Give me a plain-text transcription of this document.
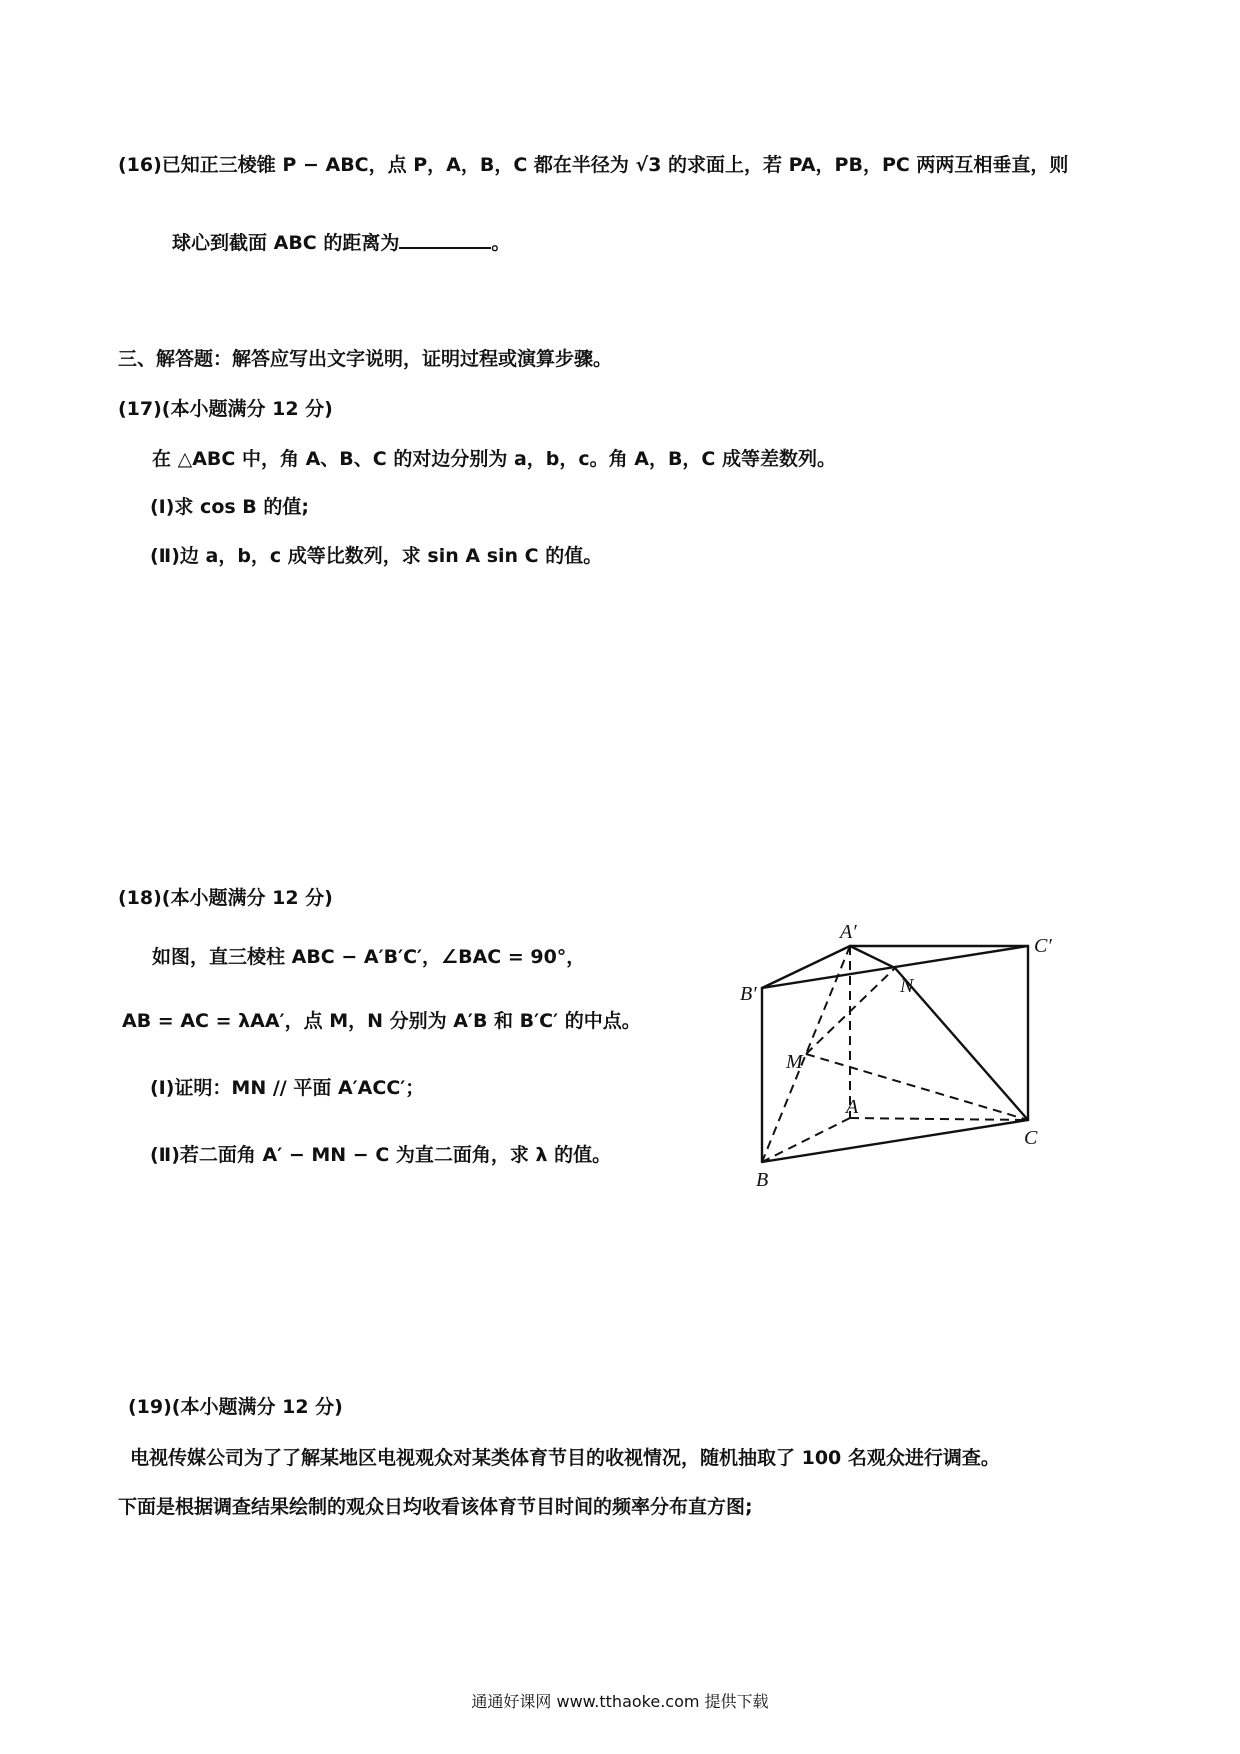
(16)已知正三棱锥 P − ABC，点 P，A，B，C 都在半径为 √3 的求面上，若 PA，PB，PC 两两互相垂直，则
球心到截面 ABC 的距离为	。
三、解答题：解答应写出文字说明，证明过程或演算步骤。
(17)(本小题满分 12 分)
在 △ABC 中，角 A、B、C 的对边分别为 a，b，c。角 A，B，C 成等差数列。
(Ⅰ)求 cos B 的值;
(Ⅱ)边 a，b，c 成等比数列，求 sin A sin C 的值。
(18)(本小题满分 12 分)
如图，直三棱柱 ABC − A′B′C′，∠BAC = 90°，
AB = AC = λAA′，点 M，N 分别为 A′B 和 B′C′ 的中点。
(Ⅰ)证明：MN // 平面 A′ACC′；
(Ⅱ)若二面角 A′ − MN − C 为直二面角，求 λ 的值。
A′
C′
B′	N
M
A
C
B
(19)(本小题满分 12 分)
电视传媒公司为了了解某地区电视观众对某类体育节目的收视情况，随机抽取了 100 名观众进行调查。
下面是根据调查结果绘制的观众日均收看该体育节目时间的频率分布直方图;
通通好课网 www.tthaoke.com 提供下载
